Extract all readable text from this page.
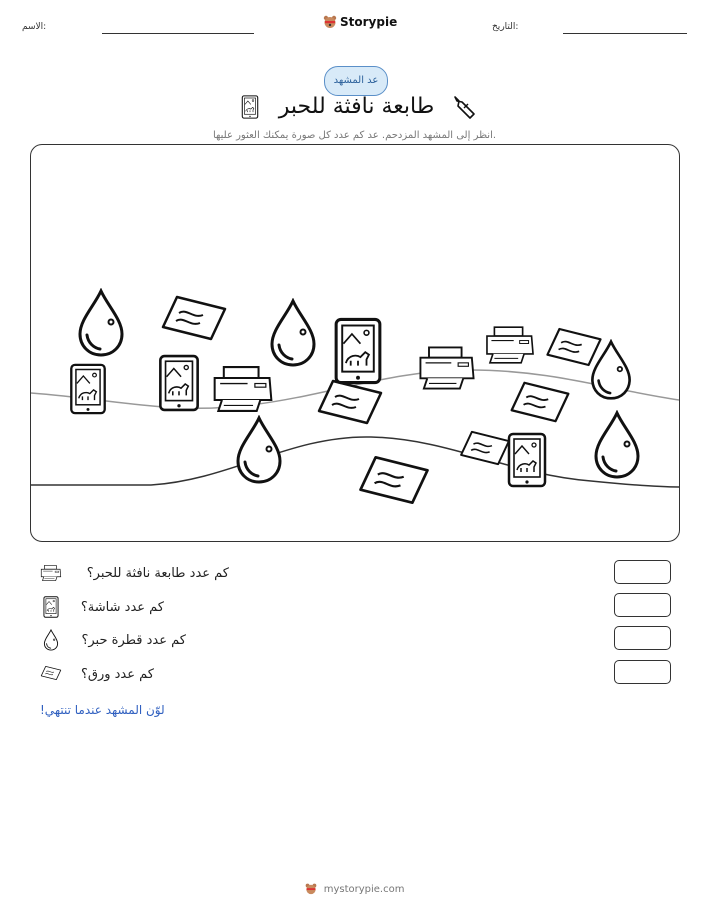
الاسم:	Storypie	التاريخ:
عد المشهد
طابعة نافثة للحبر
انظر إلى المشهد المزدحم. عد كم عدد كل صورة يمكنك العثور عليها.
كم عدد طابعة نافثة للحبر؟
كم عدد شاشة؟
كم عدد قطرة حبر؟
كم عدد ورق؟
لوّن المشهد عندما تنتهي!
mystorypie.com
